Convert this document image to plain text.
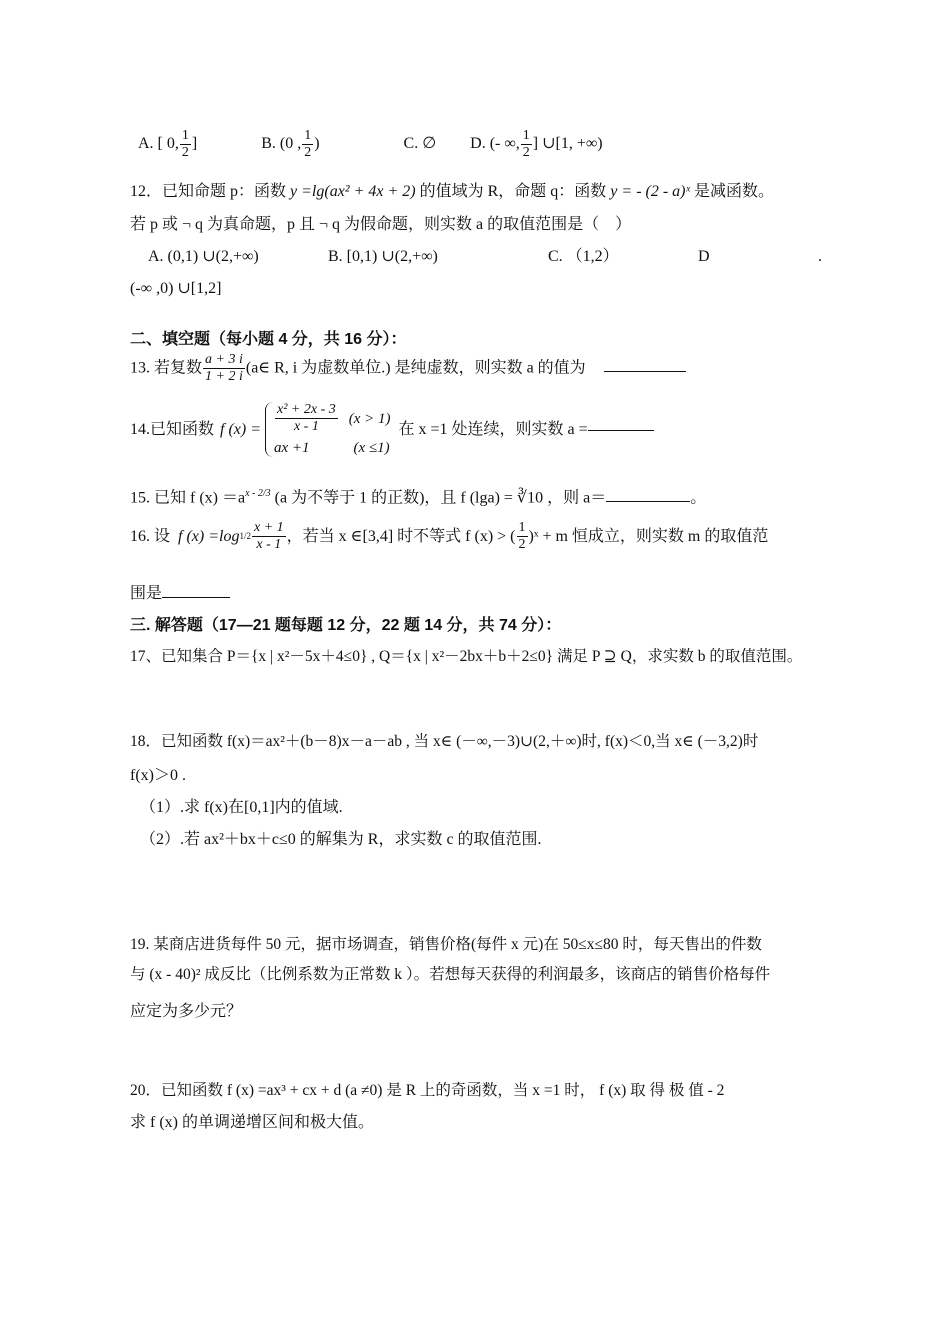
A. [ 0, $\frac{1}{2}$ ]	B. (0 , $\frac{1}{2}$ )	C. ∅ D. (- ∞, $\frac{1}{2}$ ] ∪[1, +∞)
12．已知命题 p：函数 y =lg(ax² + 4x + 2) 的值域为 R，命题 q：函数 y = - (2 - a)ˣ 是减函数。
若 p 或 ¬ q 为真命题，p 且 ¬ q 为假命题，则实数 a 的取值范围是（　）
A. (0,1) ∪(2,+∞)	B. [0,1) ∪(2,+∞)	C. （1,2）	D	.
(-∞ ,0) ∪[1,2]
二、填空题（每小题 4 分，共 16 分）：
13. 若复数 $\frac{a + 3 i}{1 + 2 i}$ (a∈ R, i 为虚数单位.) 是纯虚数，则实数 a 的值为
14.已知函数 f $(x) = \frac{\text{x² + 2x - 3}}{x - 1} (x > 1)$
ax +1	(x ≤1)
在 x =1 处连续，则实数 a =
15. 已知 f $(x) =a^{x - 2/3}$ (a 为不等于 1 的正数)，且 f (lga) = ∛10 ，则 a＝	。
16. 设 f (x) =log $1/2 \frac{x + 1}{x - 1}$ ，若当 x ∈[3,4] 时不等式 f (x) > ( $\frac{1}{2}$ )ˣ + m 恒成立，则实数 m 的取值范
围是
三. 解答题（17—21 题每题 12 分，22 题 14 分，共 74 分）：
17、已知集合 P＝{x | x²－5x＋4≤0} , Q＝{x | x²－2bx＋b＋2≤0} 满足 P ⊇ Q，求实数 b 的取值范围。
18．已知函数 f(x)＝ax²＋(b－8)x－a－ab , 当 x∈ (－∞,－3)∪(2,＋∞)时, f(x)＜0,当 x∈ (－3,2)时
f(x)＞0 .
（1）.求 f(x)在[0,1]内的值域.
（2）.若 ax²＋bx＋c≤0 的解集为 R，求实数 c 的取值范围.
19. 某商店进货每件 50 元，据市场调查，销售价格(每件 x 元)在 50≤x≤80 时，每天售出的件数
与 (x - 40)² 成反比（比例系数为正常数 k ）。若想每天获得的利润最多，该商店的销售价格每件
应定为多少元？
20．已知函数 f (x) =ax³ + cx + d (a ≠0) 是 R 上的奇函数，当 x =1 时， f (x) 取 得 极 值 - 2
求 f (x) 的单调递增区间和极大值。
